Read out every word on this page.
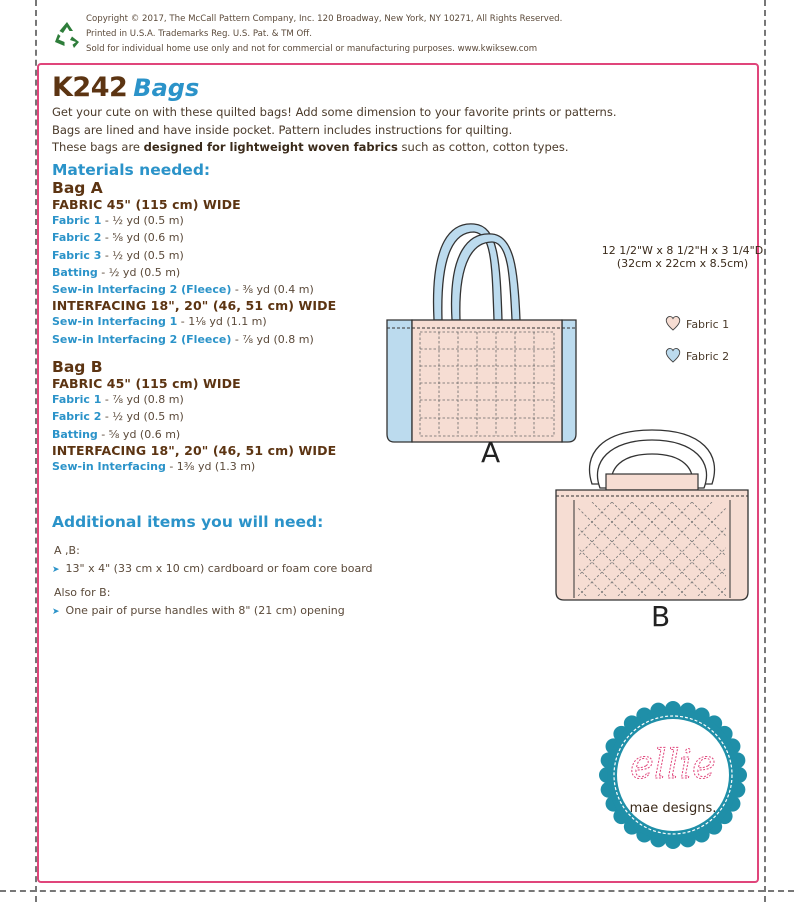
Copyright © 2017, The McCall Pattern Company, Inc. 120 Broadway, New York, NY 10271, All Rights Reserved.
Printed in U.S.A. Trademarks Reg. U.S. Pat. & TM Off.
Sold for individual home use only and not for commercial or manufacturing purposes. www.kwiksew.com
K242 Bags
Get your cute on with these quilted bags! Add some dimension to your favorite prints or patterns.
Bags are lined and have inside pocket. Pattern includes instructions for quilting.
These bags are designed for lightweight woven fabrics such as cotton, cotton types.
Materials needed:
Bag A
FABRIC 45" (115 cm) WIDE
Fabric 1 - ½ yd (0.5 m)
Fabric 2 - ⅝ yd (0.6 m)
Fabric 3 - ½ yd (0.5 m)
Batting - ½ yd (0.5 m)
Sew-in Interfacing 2 (Fleece) - ⅜ yd (0.4 m)
INTERFACING 18", 20" (46, 51 cm) WIDE
Sew-in Interfacing 1 - 1⅛ yd (1.1 m)
Sew-in Interfacing 2 (Fleece) - ⅞ yd (0.8 m)
Bag B
FABRIC 45" (115 cm) WIDE
Fabric 1 - ⅞ yd (0.8 m)
Fabric 2 - ½ yd (0.5 m)
Batting - ⅝ yd (0.6 m)
INTERFACING 18", 20" (46, 51 cm) WIDE
Sew-in Interfacing - 1⅜ yd (1.3 m)
Additional items you will need:
A ,B:
➤ 13" x 4" (33 cm x 10 cm) cardboard or foam core board
Also for B:
➤ One pair of purse handles with 8" (21 cm) opening
A
B
12 1/2"W x 8 1/2"H x 3 1/4"D
(32cm x 22cm x 8.5cm)
Fabric 1
Fabric 2
ellie
mae designs.
